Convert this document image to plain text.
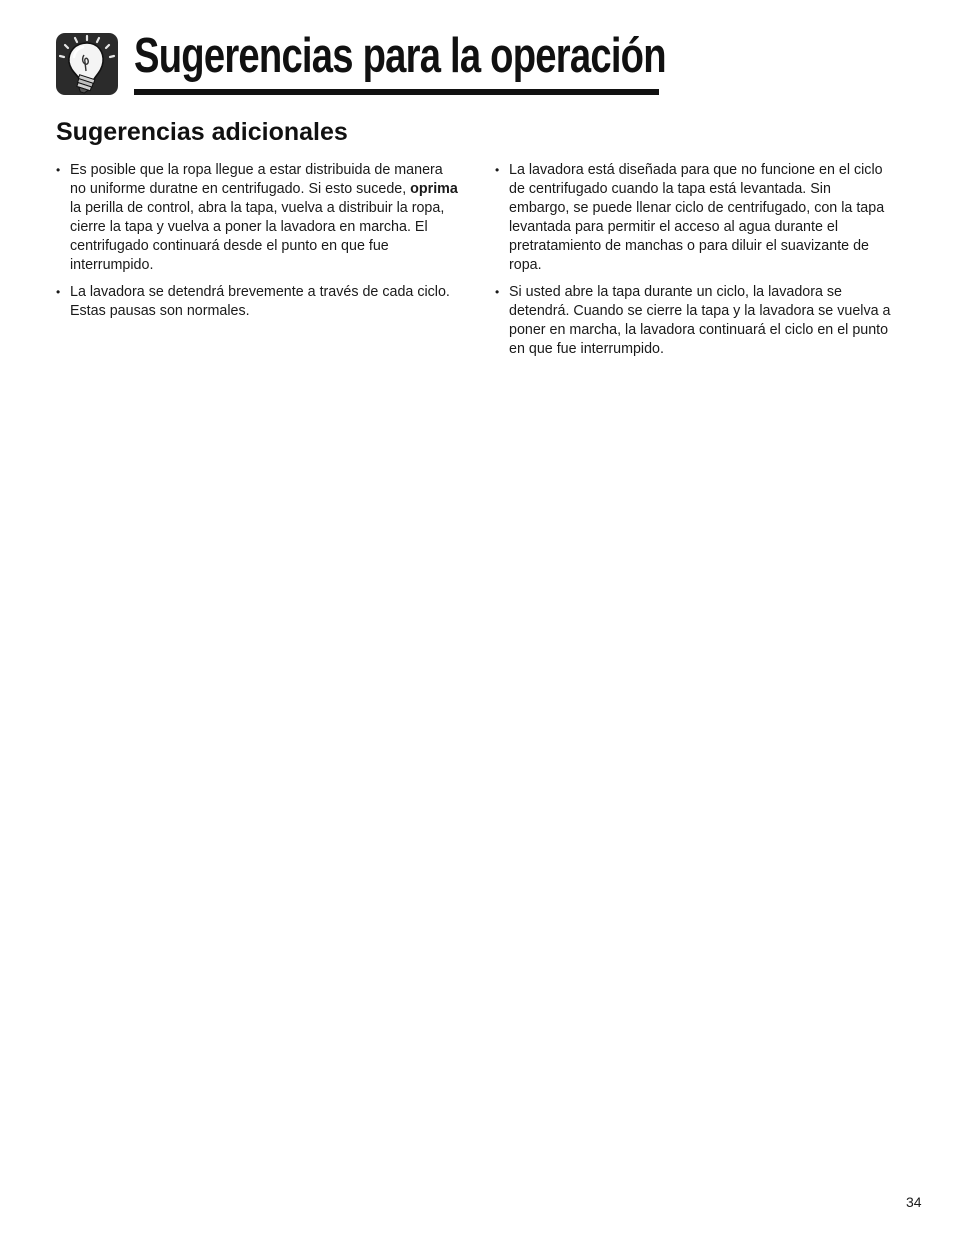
Sugerencias para la operación
Sugerencias adicionales
• Es posible que la ropa llegue a estar distribuida de manera no uniforme duratne en centrifugado. Si esto sucede, oprima la perilla de control, abra la tapa, vuelva a distribuir la ropa, cierre la tapa y vuelva a poner la lavadora en marcha. El centrifugado continuará desde el punto en que fue interrumpido.
• La lavadora se detendrá brevemente a través de cada ciclo. Estas pausas son normales.
• La lavadora está diseñada para que no funcione en el ciclo de centrifugado cuando la tapa está levantada. Sin embargo, se puede llenar ciclo de centrifugado, con la tapa levantada para permitir el acceso al agua durante el pretratamiento de manchas o para diluir el suavizante de ropa.
• Si usted abre la tapa durante un ciclo, la lavadora se detendrá. Cuando se cierre la tapa y la lavadora se vuelva a poner en marcha, la lavadora continuará el ciclo en el punto en que fue interrumpido.
34
